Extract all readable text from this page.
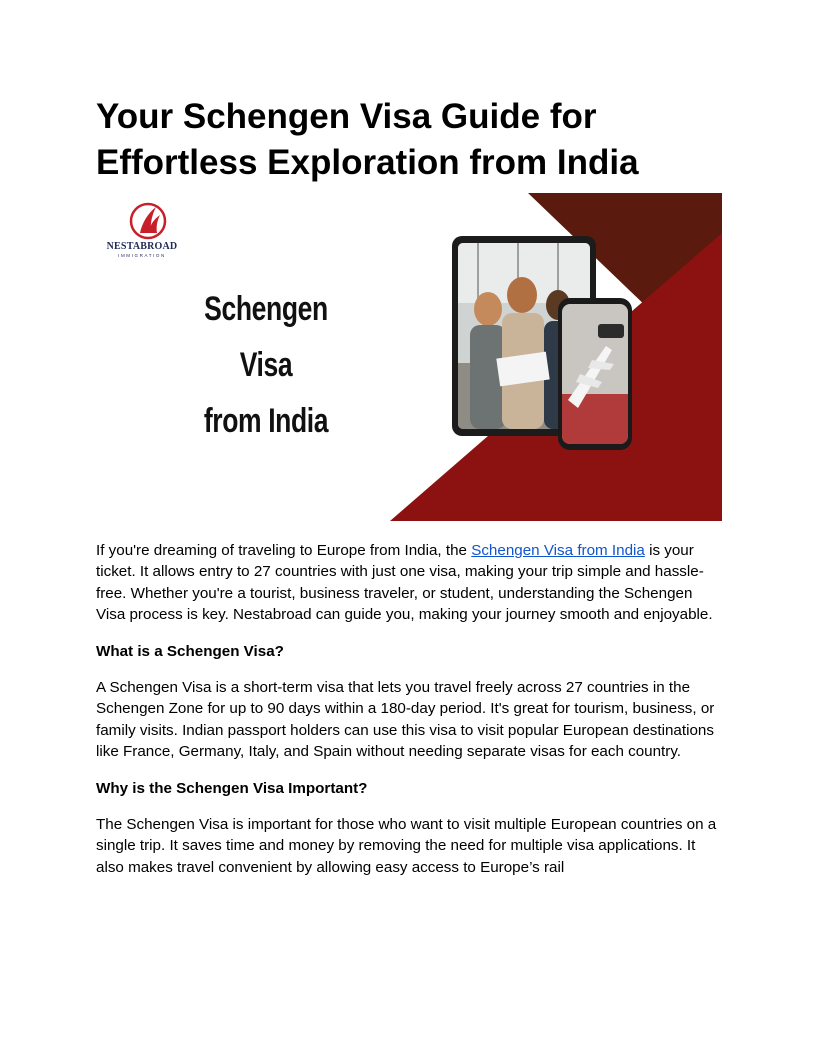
Your Schengen Visa Guide for
Effortless Exploration from India
NESTABROAD
IMMIGRATION
Schengen Visa
from India

If you're dreaming of traveling to Europe from India, the Schengen Visa from India is your ticket. It allows entry to 27 countries with just one visa, making your trip simple and hassle-free. Whether you're a tourist, business traveler, or student, understanding the Schengen Visa process is key. Nestabroad can guide you, making your journey smooth and enjoyable.

What is a Schengen Visa?

A Schengen Visa is a short-term visa that lets you travel freely across 27 countries in the Schengen Zone for up to 90 days within a 180-day period. It's great for tourism, business, or family visits. Indian passport holders can use this visa to visit popular European destinations like France, Germany, Italy, and Spain without needing separate visas for each country.

Why is the Schengen Visa Important?

The Schengen Visa is important for those who want to visit multiple European countries on a single trip. It saves time and money by removing the need for multiple visa applications. It also makes travel convenient by allowing easy access to Europe’s rail
